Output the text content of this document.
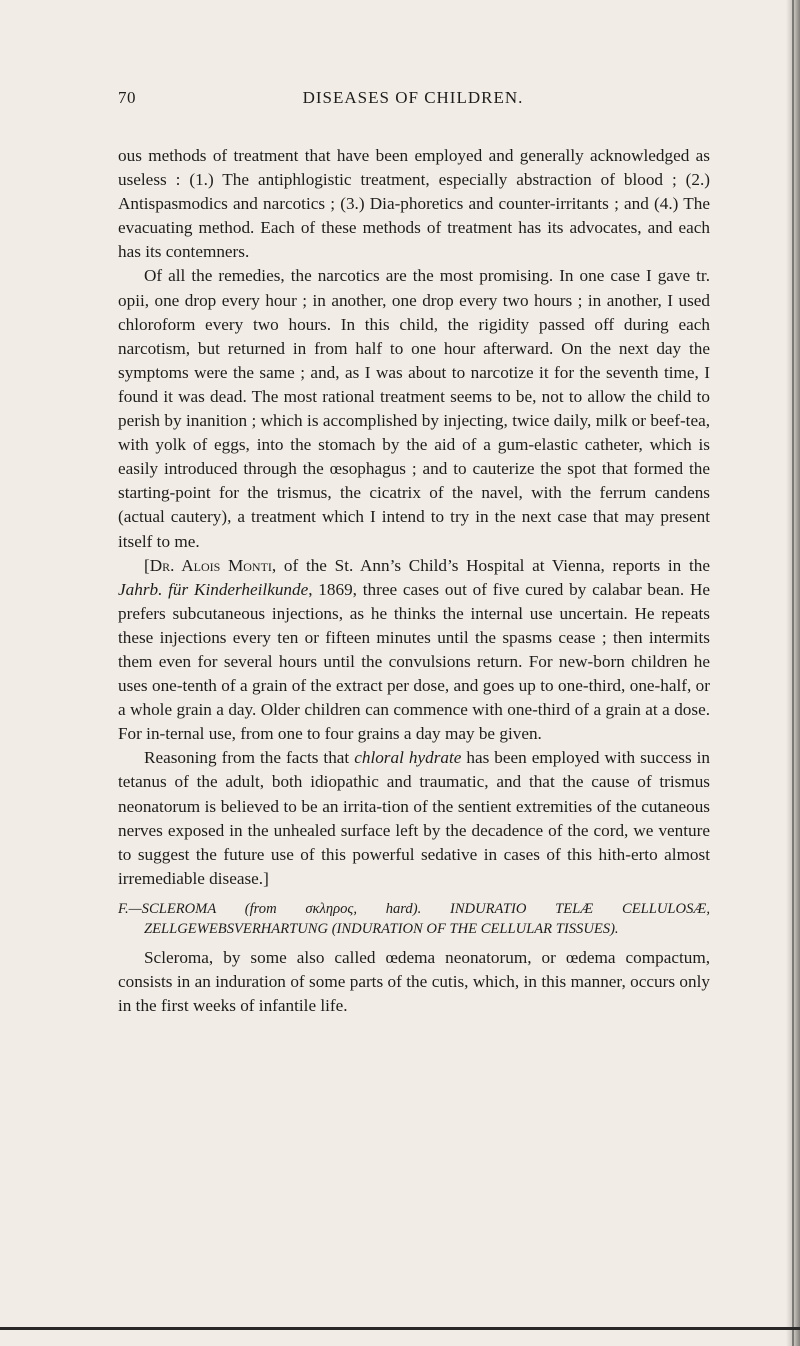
70	DISEASES OF CHILDREN.

ous methods of treatment that have been employed and generally acknowledged as useless : (1.) The antiphlogistic treatment, especially abstraction of blood ; (2.) Antispasmodics and narcotics ; (3.) Dia-phoretics and counter-irritants ; and (4.) The evacuating method. Each of these methods of treatment has its advocates, and each has its contemners.

Of all the remedies, the narcotics are the most promising. In one case I gave tr. opii, one drop every hour ; in another, one drop every two hours ; in another, I used chloroform every two hours. In this child, the rigidity passed off during each narcotism, but returned in from half to one hour afterward. On the next day the symptoms were the same ; and, as I was about to narcotize it for the seventh time, I found it was dead. The most rational treatment seems to be, not to allow the child to perish by inanition ; which is accomplished by injecting, twice daily, milk or beef-tea, with yolk of eggs, into the stomach by the aid of a gum-elastic catheter, which is easily introduced through the œsophagus ; and to cauterize the spot that formed the starting-point for the trismus, the cicatrix of the navel, with the ferrum candens (actual cautery), a treatment which I intend to try in the next case that may present itself to me.

[Dr. Alois Monti, of the St. Ann’s Child’s Hospital at Vienna, reports in the Jahrb. für Kinderheilkunde, 1869, three cases out of five cured by calabar bean. He prefers subcutaneous injections, as he thinks the internal use uncertain. He repeats these injections every ten or fifteen minutes until the spasms cease ; then intermits them even for several hours until the convulsions return. For new-born children he uses one-tenth of a grain of the extract per dose, and goes up to one-third, one-half, or a whole grain a day. Older children can commence with one-third of a grain at a dose. For in-ternal use, from one to four grains a day may be given.

Reasoning from the facts that chloral hydrate has been employed with success in tetanus of the adult, both idiopathic and traumatic, and that the cause of trismus neonatorum is believed to be an irrita-tion of the sentient extremities of the cutaneous nerves exposed in the unhealed surface left by the decadence of the cord, we venture to suggest the future use of this powerful sedative in cases of this hith-erto almost irremediable disease.]

F.—SCLEROMA (from σκληρος, hard). INDURATIO TELÆ CELLULOSÆ, ZELLGEWEBSVERHARTUNG (INDURATION OF THE CELLULAR TISSUES).

Scleroma, by some also called œdema neonatorum, or œdema compactum, consists in an induration of some parts of the cutis, which, in this manner, occurs only in the first weeks of infantile life.
